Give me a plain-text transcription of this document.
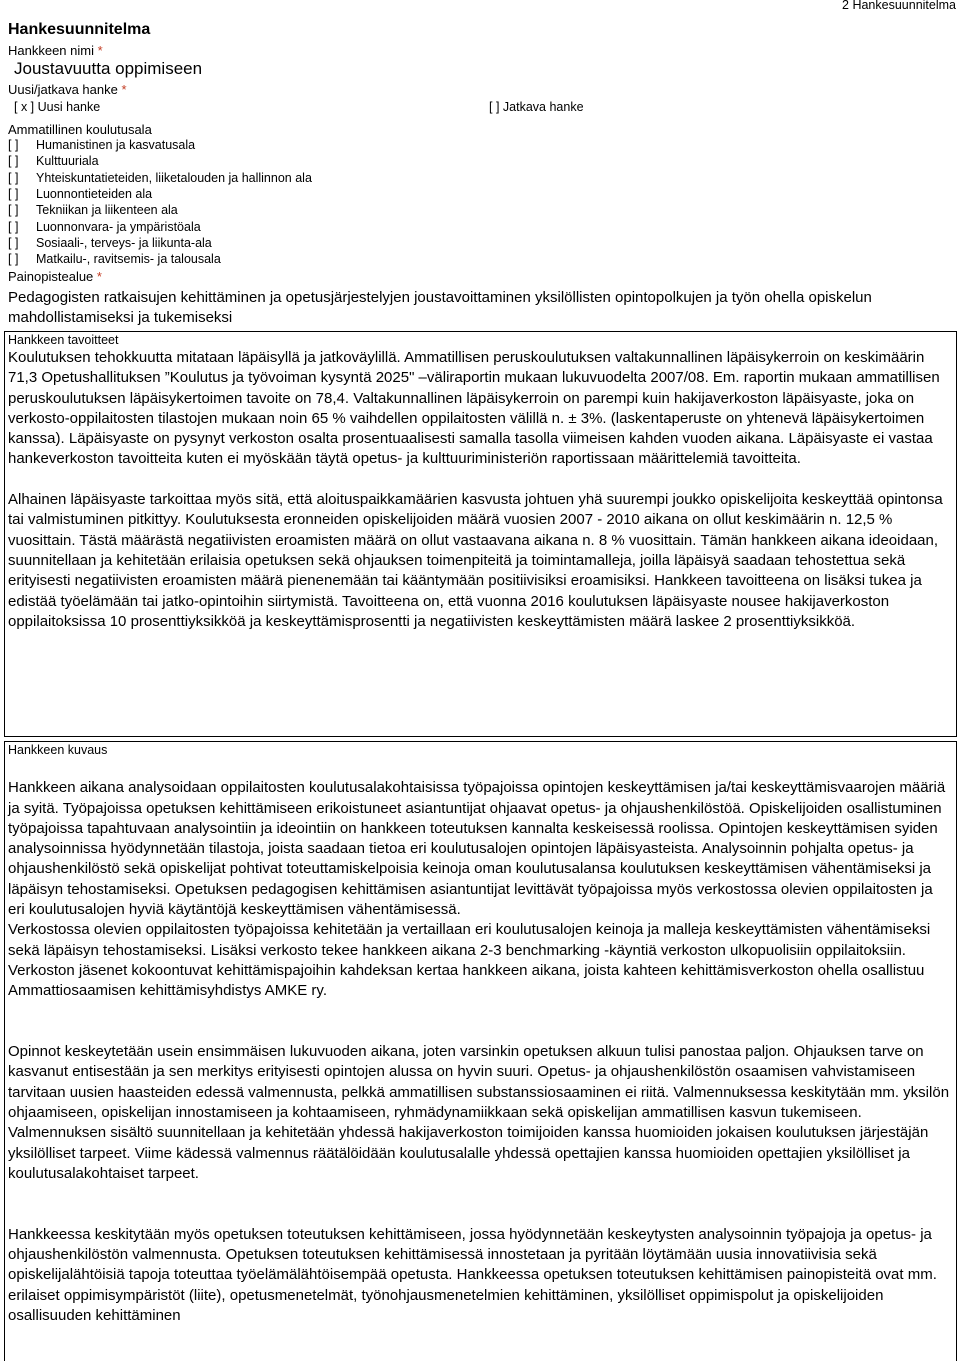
2 Hankesuunnitelma
Hankesuunnitelma
Hankkeen nimi *
Joustavuutta oppimiseen
Uusi/jatkava hanke *
[ x ] Uusi hanke	[ ] Jatkava hanke
Ammatillinen koulutusala
[ ] Humanistinen ja kasvatusala
[ ] Kulttuuriala
[ ] Yhteiskuntatieteiden, liiketalouden ja hallinnon ala
[ ] Luonnontieteiden ala
[ ] Tekniikan ja liikenteen ala
[ ] Luonnonvara- ja ympäristöala
[ ] Sosiaali-, terveys- ja liikunta-ala
[ ] Matkailu-, ravitsemis- ja talousala
Painopistealue *

Pedagogisten ratkaisujen kehittäminen ja opetusjärjestelyjen joustavoittaminen yksilöllisten opintopolkujen ja työn ohella opiskelun mahdollistamiseksi ja tukemiseksi

Hankkeen tavoitteet

Koulutuksen tehokkuutta mitataan läpäisyllä ja jatkoväylillä. Ammatillisen peruskoulutuksen valtakunnallinen läpäisykerroin on keskimäärin 71,3 Opetushallituksen ”Koulutus ja työvoiman kysyntä 2025" –väliraportin mukaan lukuvuodelta 2007/08. Em. raportin mukaan ammatillisen peruskoulutuksen läpäisykertoimen tavoite on 78,4. Valtakunnallinen läpäisykerroin on parempi kuin hakijaverkoston läpäisyaste, joka on verkosto-oppilaitosten tilastojen mukaan noin 65 % vaihdellen oppilaitosten välillä n. ± 3%. (laskentaperuste on yhtenevä läpäisykertoimen kanssa). Läpäisyaste on pysynyt verkoston osalta prosentuaalisesti samalla tasolla viimeisen kahden vuoden aikana. Läpäisyaste ei vastaa hankeverkoston tavoitteita kuten ei myöskään täytä opetus- ja kulttuuriministeriön raportissaan määrittelemiä tavoitteita.

Alhainen läpäisyaste tarkoittaa myös sitä, että aloituspaikkamäärien kasvusta johtuen yhä suurempi joukko opiskelijoita keskeyttää opintonsa tai valmistuminen pitkittyy. Koulutuksesta eronneiden opiskelijoiden määrä vuosien 2007 - 2010 aikana on ollut keskimäärin n. 12,5 % vuosittain. Tästä määrästä negatiivisten eroamisten määrä on ollut vastaavana aikana n. 8 % vuosittain. Tämän hankkeen aikana ideoidaan, suunnitellaan ja kehitetään erilaisia opetuksen sekä ohjauksen toimenpiteitä ja toimintamalleja, joilla läpäisyä saadaan tehostettua sekä erityisesti negatiivisten eroamisten määrä pienenemään tai kääntymään positiivisiksi eroamisiksi. Hankkeen tavoitteena on lisäksi tukea ja edistää työelämään tai jatko-opintoihin siirtymistä. Tavoitteena on, että vuonna 2016 koulutuksen läpäisyaste nousee hakijaverkoston oppilaitoksissa 10 prosenttiyksikköä ja keskeyttämisprosentti ja negatiivisten keskeyttämisten määrä laskee 2 prosenttiyksikköä.

Hankkeen kuvaus

Hankkeen aikana analysoidaan oppilaitosten koulutusalakohtaisissa työpajoissa opintojen keskeyttämisen ja/tai keskeyttämisvaarojen määriä ja syitä. Työpajoissa opetuksen kehittämiseen erikoistuneet asiantuntijat ohjaavat opetus- ja ohjaushenkilöstöä. Opiskelijoiden osallistuminen työpajoissa tapahtuvaan analysointiin ja ideointiin on hankkeen toteutuksen kannalta keskeisessä roolissa. Opintojen keskeyttämisen syiden analysoinnissa hyödynnetään tilastoja, joista saadaan tietoa eri koulutusalojen opintojen läpäisyasteista. Analysoinnin pohjalta opetus- ja ohjaushenkilöstö sekä opiskelijat pohtivat toteuttamiskelpoisia keinoja oman koulutusalansa koulutuksen keskeyttämisen vähentämiseksi ja läpäisyn tehostamiseksi. Opetuksen pedagogisen kehittämisen asiantuntijat levittävät työpajoissa myös verkostossa olevien oppilaitosten ja eri koulutusalojen hyviä käytäntöjä keskeyttämisen vähentämisessä.
Verkostossa olevien oppilaitosten työpajoissa kehitetään ja vertaillaan eri koulutusalojen keinoja ja malleja keskeyttämisten vähentämiseksi sekä läpäisyn tehostamiseksi. Lisäksi verkosto tekee hankkeen aikana 2-3 benchmarking -käyntiä verkoston ulkopuolisiin oppilaitoksiin. Verkoston jäsenet kokoontuvat kehittämispajoihin kahdeksan kertaa hankkeen aikana, joista kahteen kehittämisverkoston ohella osallistuu Ammattiosaamisen kehittämisyhdistys AMKE ry.

Opinnot keskeytetään usein ensimmäisen lukuvuoden aikana, joten varsinkin opetuksen alkuun tulisi panostaa paljon. Ohjauksen tarve on kasvanut entisestään ja sen merkitys erityisesti opintojen alussa on hyvin suuri. Opetus- ja ohjaushenkilöstön osaamisen vahvistamiseen tarvitaan uusien haasteiden edessä valmennusta, pelkkä ammatillisen substanssiosaaminen ei riitä. Valmennuksessa keskitytään mm. yksilön ohjaamiseen, opiskelijan innostamiseen ja kohtaamiseen, ryhmädynamiikkaan sekä opiskelijan ammatillisen kasvun tukemiseen. Valmennuksen sisältö suunnitellaan ja kehitetään yhdessä hakijaverkoston toimijoiden kanssa huomioiden jokaisen koulutuksen järjestäjän yksilölliset tarpeet. Viime kädessä valmennus räätälöidään koulutusalalle yhdessä opettajien kanssa huomioiden opettajien yksilölliset ja koulutusalakohtaiset tarpeet.

Hankkeessa keskitytään myös opetuksen toteutuksen kehittämiseen, jossa hyödynnetään keskeytysten analysoinnin työpajoja ja opetus- ja ohjaushenkilöstön valmennusta. Opetuksen toteutuksen kehittämisessä innostetaan ja pyritään löytämään uusia innovatiivisia sekä opiskelijalähtöisiä tapoja toteuttaa työelämälähtöisempää opetusta. Hankkeessa opetuksen toteutuksen kehittämisen painopisteitä ovat mm. erilaiset oppimisympäristöt (liite), opetusmenetelmät, työnohjausmenetelmien kehittäminen, yksilölliset oppimispolut ja opiskelijoiden osallisuuden kehittäminen
